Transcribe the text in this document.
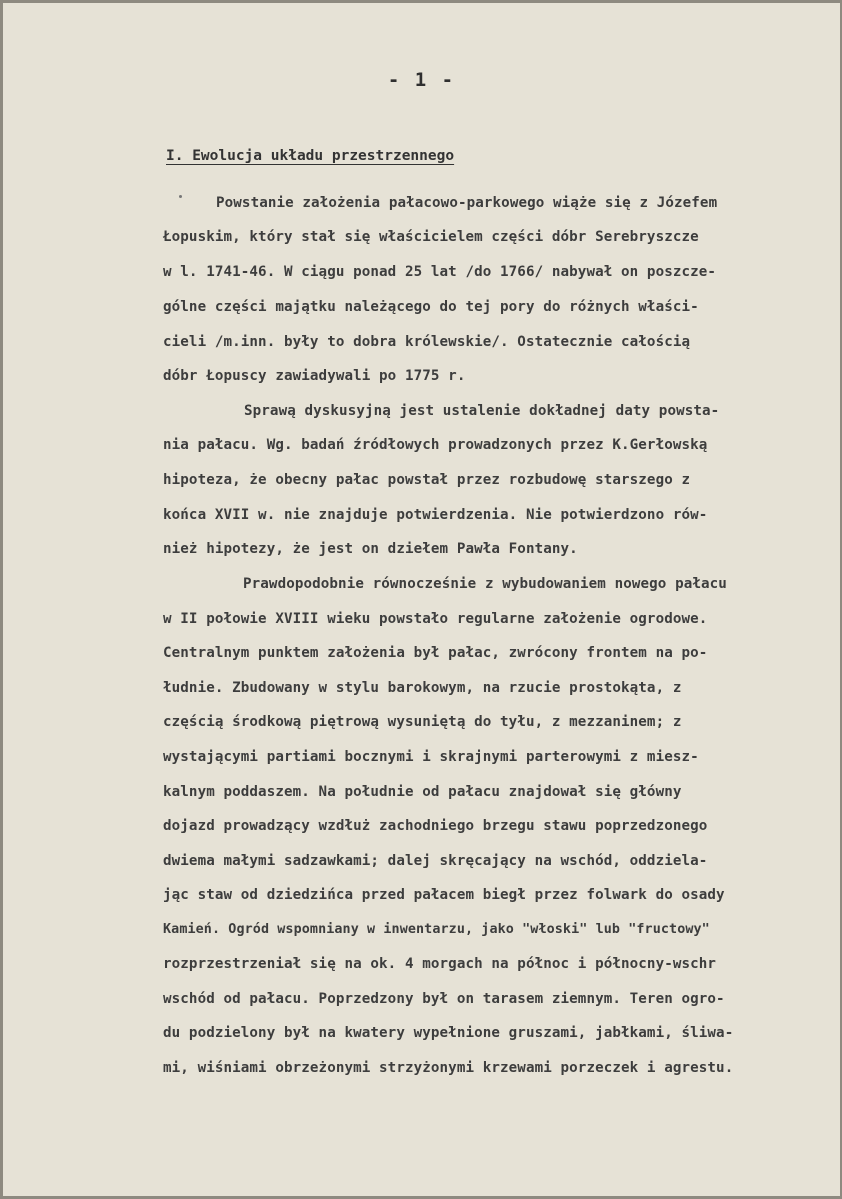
- 1 -
I. Ewolucja układu przestrzennego
Powstanie założenia pałacowo-parkowego wiąże się z Józefem
Łopuskim, który stał się właścicielem części dóbr Serebryszcze
w l. 1741-46. W ciągu ponad 25 lat /do 1766/ nabywał on poszcze-
gólne części majątku należącego do tej pory do różnych właści-
cieli /m.inn. były to dobra królewskie/. Ostatecznie całością
dóbr Łopuscy zawiadywali po 1775 r.
Sprawą dyskusyjną jest ustalenie dokładnej daty powsta-
nia pałacu. Wg. badań źródłowych prowadzonych przez K.Gerłowską
hipoteza, że obecny pałac powstał przez rozbudowę starszego z
końca XVII w. nie znajduje potwierdzenia. Nie potwierdzono rów-
nież hipotezy, że jest on dziełem Pawła Fontany.
Prawdopodobnie równocześnie z wybudowaniem nowego pałacu
w II połowie XVIII wieku powstało regularne założenie ogrodowe.
Centralnym punktem założenia był pałac, zwrócony frontem na po-
łudnie. Zbudowany w stylu barokowym, na rzucie prostokąta, z
częścią środkową piętrową wysuniętą do tyłu, z mezzaninem; z
wystającymi partiami bocznymi i skrajnymi parterowymi z miesz-
kalnym poddaszem. Na południe od pałacu znajdował się główny
dojazd prowadzący wzdłuż zachodniego brzegu stawu poprzedzonego
dwiema małymi sadzawkami; dalej skręcający na wschód, oddziela-
jąc staw od dziedzińca przed pałacem biegł przez folwark do osady
Kamień. Ogród wspomniany w inwentarzu, jako "włoski" lub "fructowy"
rozprzestrzeniał się na ok. 4 morgach na północ i północny-wschr
wschód od pałacu. Poprzedzony był on tarasem ziemnym. Teren ogro-
du podzielony był na kwatery wypełnione gruszami, jabłkami, śliwa-
mi, wiśniami obrzeżonymi strzyżonymi krzewami porzeczek i agrestu.
